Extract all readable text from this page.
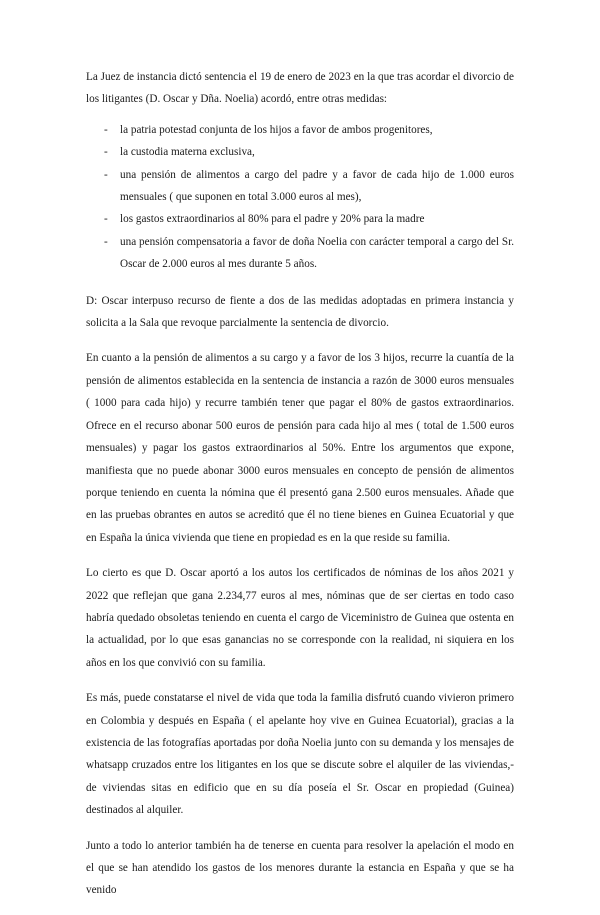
La Juez de instancia dictó sentencia el 19 de enero de 2023 en la que tras acordar el divorcio de los litigantes (D. Oscar y Dña. Noelia) acordó, entre otras medidas:

- la patria potestad conjunta de los hijos a favor de ambos progenitores,
- la custodia materna exclusiva,
- una pensión de alimentos a cargo del padre y a favor de cada hijo de 1.000 euros mensuales ( que suponen en total 3.000 euros al mes),
- los gastos extraordinarios al 80% para el padre y 20% para la madre
- una pensión compensatoria a favor de doña Noelia con carácter temporal a cargo del Sr. Oscar de 2.000 euros al mes durante 5 años.

D: Oscar interpuso recurso de fiente a dos de las medidas adoptadas en primera instancia y solicita a la Sala que revoque parcialmente la sentencia de divorcio.

En cuanto a la pensión de alimentos a su cargo y a favor de los 3 hijos, recurre la cuantía de la pensión de alimentos establecida en la sentencia de instancia a razón de 3000 euros mensuales ( 1000 para cada hijo) y recurre también tener que pagar el 80% de gastos extraordinarios. Ofrece en el recurso abonar 500 euros de pensión para cada hijo al mes ( total de 1.500 euros mensuales) y pagar los gastos extraordinarios al 50%. Entre los argumentos que expone, manifiesta que no puede abonar 3000 euros mensuales en concepto de pensión de alimentos porque teniendo en cuenta la nómina que él presentó gana 2.500 euros mensuales. Añade que en las pruebas obrantes en autos se acreditó que él no tiene bienes en Guinea Ecuatorial y que en España la única vivienda que tiene en propiedad es en la que reside su familia.

Lo cierto es que D. Oscar aportó a los autos los certificados de nóminas de los años 2021 y 2022 que reflejan que gana 2.234,77 euros al mes, nóminas que de ser ciertas en todo caso habría quedado obsoletas teniendo en cuenta el cargo de Viceministro de Guinea que ostenta en la actualidad, por lo que esas ganancias no se corresponde con la realidad, ni siquiera en los años en los que convivió con su familia.

Es más, puede constatarse el nivel de vida que toda la familia disfrutó cuando vivieron primero en Colombia y después en España ( el apelante hoy vive en Guinea Ecuatorial), gracias a la existencia de las fotografías aportadas por doña Noelia junto con su demanda y los mensajes de whatsapp cruzados entre los litigantes en los que se discute sobre el alquiler de las viviendas,- de viviendas sitas en edificio que en su día poseía el Sr. Oscar en propiedad (Guinea) destinados al alquiler.

Junto a todo lo anterior también ha de tenerse en cuenta para resolver la apelación el modo en el que se han atendido los gastos de los menores durante la estancia en España y que se ha venido
